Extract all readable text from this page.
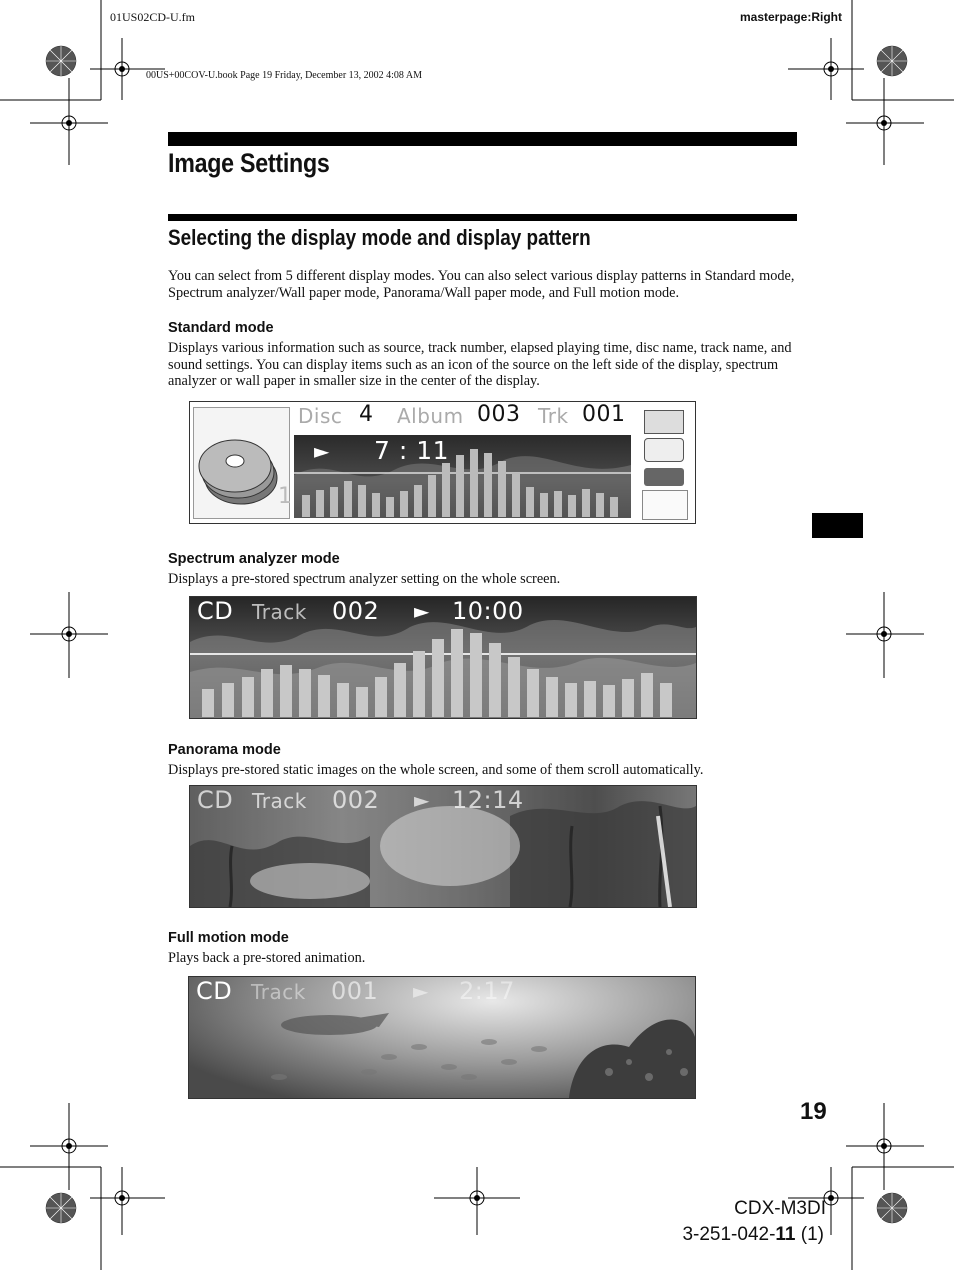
01US02CD-U.fm	masterpage:Right
00US+00COV-U.book Page 19 Friday, December 13, 2002 4:08 AM
Image Settings
Selecting the display mode and display pattern

You can select from 5 different display modes. You can also select various display patterns in Standard mode, Spectrum analyzer/Wall paper mode, Panorama/Wall paper mode, and Full motion mode.

Standard mode

Displays various information such as source, track number, elapsed playing time, disc name, track name, and sound settings. You can display items such as an icon of the source on the left side of the display, spectrum analyzer or wall paper in smaller size in the center of the display.

1
Disc 4 Album 003 Trk 001
► 7 : 11
Spectrum analyzer mode

Displays a pre-stored spectrum analyzer setting on the whole screen.

CD Track 002 ► 10:00
Panorama mode

Displays pre-stored static images on the whole screen, and some of them scroll automatically.

CD Track 002 ► 12:14
Full motion mode

Plays back a pre-stored animation.

CD Track 001 ► 2:17
19
CDX-M3DI
3-251-042-11 (1)
